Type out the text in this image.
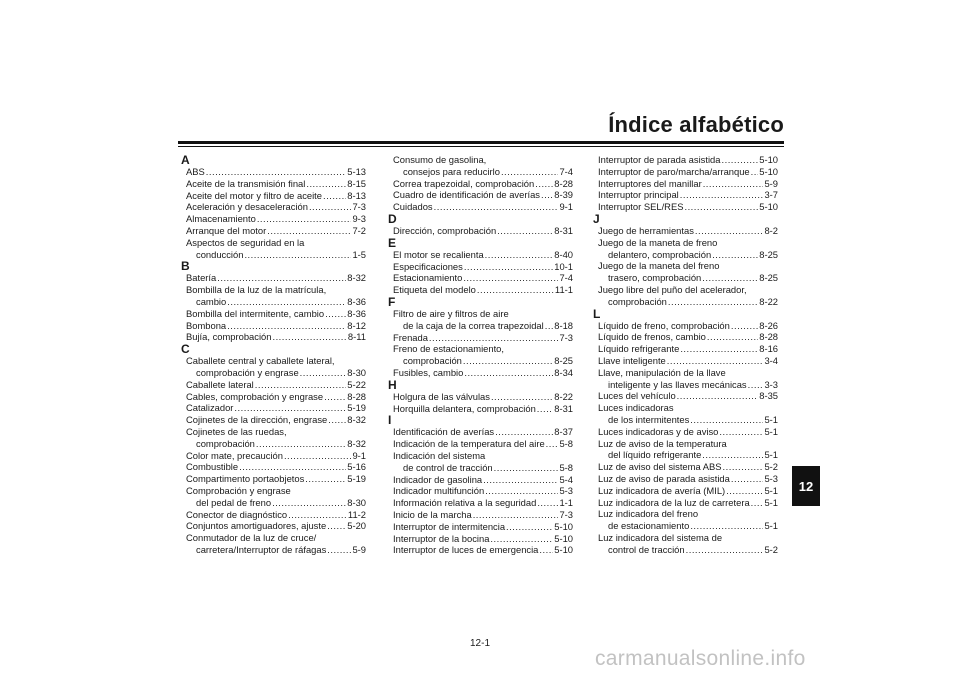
Índice alfabético
A
ABS .....	5-13
Aceite de la transmisión final .....	8-15
Aceite del motor y filtro de aceite .....	8-13
Aceleración y desaceleración .....	7-3
Almacenamiento .....	9-3
Arranque del motor .....	7-2
Aspectos de seguridad en la
conducción .....	1-5
B
Batería .....	8-32
Bombilla de la luz de la matrícula,
cambio .....	8-36
Bombilla del intermitente, cambio ..... 8-36
Bombona .....	8-12
Bujía, comprobación .....	8-11
C
Caballete central y caballete lateral,
comprobación y engrase .....	8-30
Caballete lateral .....	5-22
Cables, comprobación y engrase .....	8-28
Catalizador .....	5-19
Cojinetes de la dirección, engrase ..... 8-32
Cojinetes de las ruedas,
comprobación .....	8-32
Color mate, precaución .....	9-1
Combustible .....	5-16
Compartimento portaobjetos .....	5-19
Comprobación y engrase
del pedal de freno .....	8-30
Conector de diagnóstico .....	11-2
Conjuntos amortiguadores, ajuste ..... 5-20
Conmutador de la luz de cruce/
carretera/Interruptor de ráfagas .....	5-9
Consumo de gasolina,
consejos para reducirlo .....	7-4
Correa trapezoidal, comprobación ..... 8-28
Cuadro de identificación de averías ..... 8-39
Cuidados .....	9-1
D
Dirección, comprobación .....	8-31
E
El motor se recalienta .....	8-40
Especificaciones .....	10-1
Estacionamiento .....	7-4
Etiqueta del modelo .....	11-1
F
Filtro de aire y filtros de aire
de la caja de la correa trapezoidal ..... 8-18
Frenada .....	7-3
Freno de estacionamiento,
comprobación .....	8-25
Fusibles, cambio .....	8-34
H
Holgura de las válvulas .....	8-22
Horquilla delantera, comprobación ..... 8-31
I
Identificación de averías .....	8-37
Indicación de la temperatura del aire ..... 5-8
Indicación del sistema
de control de tracción .....	5-8
Indicador de gasolina .....	5-4
Indicador multifunción .....	5-3
Información relativa a la seguridad ..... 1-1
Inicio de la marcha .....	7-3
Interruptor de intermitencia .....	5-10
Interruptor de la bocina .....	5-10
Interruptor de luces de emergencia ..... 5-10
Interruptor de parada asistida .....	5-10
Interruptor de paro/marcha/arranque ..... 5-10
Interruptores del manillar .....	5-9
Interruptor principal .....	3-7
Interruptor SEL/RES .....	5-10
J
Juego de herramientas .....	8-2
Juego de la maneta de freno
delantero, comprobación .....	8-25
Juego de la maneta del freno
trasero, comprobación .....	8-25
Juego libre del puño del acelerador,
comprobación .....	8-22
L
Líquido de freno, comprobación .....	8-26
Líquido de frenos, cambio .....	8-28
Líquido refrigerante .....	8-16
Llave inteligente .....	3-4
Llave, manipulación de la llave
inteligente y las llaves mecánicas ..... 3-3
Luces del vehículo .....	8-35
Luces indicadoras
de los intermitentes .....	5-1
Luces indicadoras y de aviso .....	5-1
Luz de aviso de la temperatura
del líquido refrigerante .....	5-1
Luz de aviso del sistema ABS .....	5-2
Luz de aviso de parada asistida .....	5-3
Luz indicadora de avería (MIL) .....	5-1
Luz indicadora de la luz de carretera ..... 5-1
Luz indicadora del freno
de estacionamiento .....	5-1
Luz indicadora del sistema de
control de tracción .....	5-2
12-1
12
carmanualsonline.info
